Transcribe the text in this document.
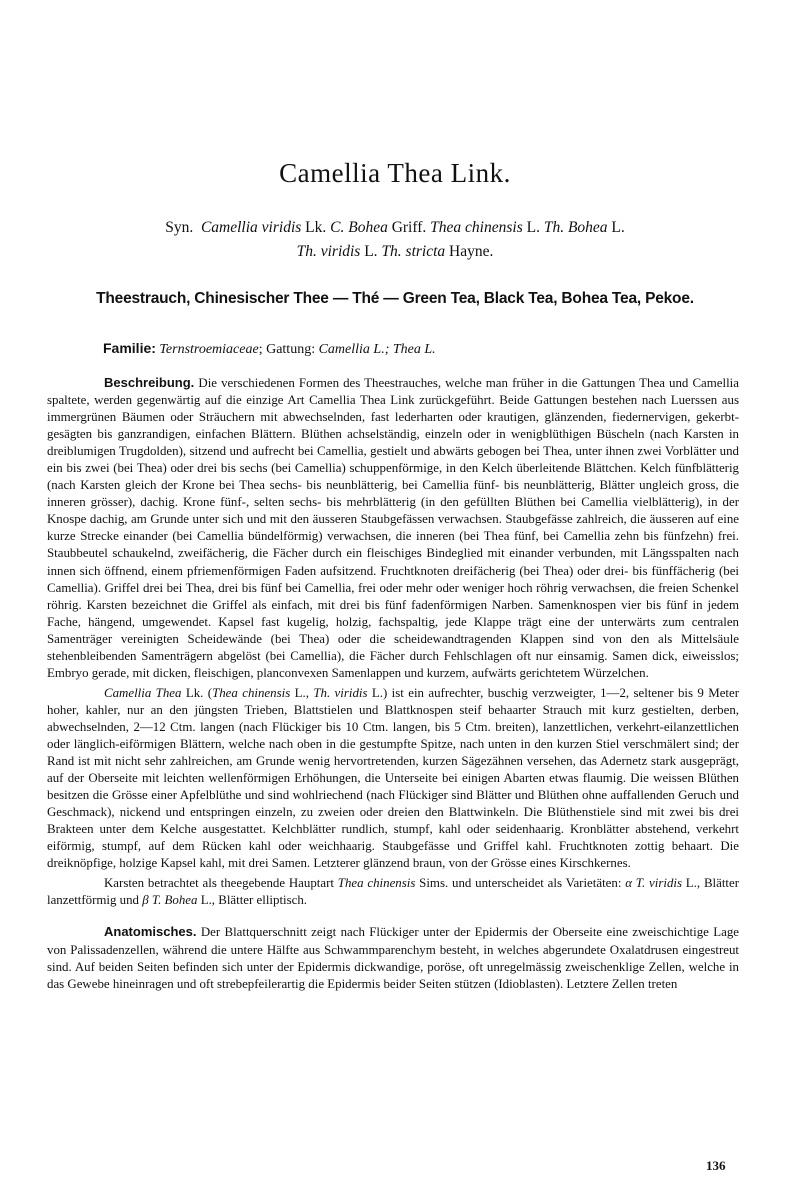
Camellia Thea Link.
Syn. Camellia viridis Lk. C. Bohea Griff. Thea chinensis L. Th. Bohea L.
Th. viridis L. Th. stricta Hayne.
Theestrauch, Chinesischer Thee — Thé — Green Tea, Black Tea, Bohea Tea, Pekoe.
Familie: Ternstroemiaceae; Gattung: Camellia L.; Thea L.

Beschreibung. Die verschiedenen Formen des Theestrauches, welche man früher in die Gattungen Thea und Camellia spaltete, werden gegenwärtig auf die einzige Art Camellia Thea Link zurückgeführt. Beide Gattungen bestehen nach Luerssen aus immergrünen Bäumen oder Sträuchern mit abwechselnden, fast lederharten oder krautigen, glänzenden, fiedernervigen, gekerbt-gesägten bis ganzrandigen, einfachen Blättern. Blüthen achselständig, einzeln oder in wenigblüthigen Büscheln (nach Karsten in dreiblumigen Trugdolden), sitzend und aufrecht bei Camellia, gestielt und abwärts gebogen bei Thea, unter ihnen zwei Vorblätter und ein bis zwei (bei Thea) oder drei bis sechs (bei Camellia) schuppenförmige, in den Kelch überleitende Blättchen. Kelch fünfblätterig (nach Karsten gleich der Krone bei Thea sechs- bis neunblätterig, bei Camellia fünf- bis neunblätterig, Blätter ungleich gross, die inneren grösser), dachig. Krone fünf-, selten sechs- bis mehrblätterig (in den gefüllten Blüthen bei Camellia vielblätterig), in der Knospe dachig, am Grunde unter sich und mit den äusseren Staubgefässen verwachsen. Staubgefässe zahlreich, die äusseren auf eine kurze Strecke einander (bei Camellia bündelförmig) verwachsen, die inneren (bei Thea fünf, bei Camellia zehn bis fünfzehn) frei. Staubbeutel schaukelnd, zweifächerig, die Fächer durch ein fleischiges Bindeglied mit einander verbunden, mit Längsspalten nach innen sich öffnend, einem pfriemenförmigen Faden aufsitzend. Fruchtknoten dreifächerig (bei Thea) oder drei- bis fünffächerig (bei Camellia). Griffel drei bei Thea, drei bis fünf bei Camellia, frei oder mehr oder weniger hoch röhrig verwachsen, die freien Schenkel röhrig. Karsten bezeichnet die Griffel als einfach, mit drei bis fünf fadenförmigen Narben. Samenknospen vier bis fünf in jedem Fache, hängend, umgewendet. Kapsel fast kugelig, holzig, fachspaltig, jede Klappe trägt eine der unterwärts zum centralen Samenträger vereinigten Scheidewände (bei Thea) oder die scheidewandtragenden Klappen sind von den als Mittelsäule stehenbleibenden Samenträgern abgelöst (bei Camellia), die Fächer durch Fehlschlagen oft nur einsamig. Samen dick, eiweisslos; Embryo gerade, mit dicken, fleischigen, planconvexen Samenlappen und kurzem, aufwärts gerichtetem Würzelchen.

Camellia Thea Lk. (Thea chinensis L., Th. viridis L.) ist ein aufrechter, buschig verzweigter, 1—2, seltener bis 9 Meter hoher, kahler, nur an den jüngsten Trieben, Blattstielen und Blattknospen steif behaarter Strauch mit kurz gestielten, derben, abwechselnden, 2—12 Ctm. langen (nach Flückiger bis 10 Ctm. langen, bis 5 Ctm. breiten), lanzettlichen, verkehrt-eilanzettlichen oder länglich-eiförmigen Blättern, welche nach oben in die gestumpfte Spitze, nach unten in den kurzen Stiel verschmälert sind; der Rand ist mit nicht sehr zahlreichen, am Grunde wenig hervortretenden, kurzen Sägezähnen versehen, das Adernetz stark ausgeprägt, auf der Oberseite mit leichten wellenförmigen Erhöhungen, die Unterseite bei einigen Abarten etwas flaumig. Die weissen Blüthen besitzen die Grösse einer Apfelblüthe und sind wohlriechend (nach Flückiger sind Blätter und Blüthen ohne auffallenden Geruch und Geschmack), nickend und entspringen einzeln, zu zweien oder dreien den Blattwinkeln. Die Blüthenstiele sind mit zwei bis drei Brakteen unter dem Kelche ausgestattet. Kelchblätter rundlich, stumpf, kahl oder seidenhaarig. Kronblätter abstehend, verkehrt eiförmig, stumpf, auf dem Rücken kahl oder weichhaarig. Staubgefässe und Griffel kahl. Fruchtknoten zottig behaart. Die dreiknöpfige, holzige Kapsel kahl, mit drei Samen. Letzterer glänzend braun, von der Grösse eines Kirschkernes.

Karsten betrachtet als theegebende Hauptart Thea chinensis Sims. und unterscheidet als Varietäten: α T. viridis L., Blätter lanzettförmig und β T. Bohea L., Blätter elliptisch.

Anatomisches. Der Blattquerschnitt zeigt nach Flückiger unter der Epidermis der Oberseite eine zweischichtige Lage von Palissadenzellen, während die untere Hälfte aus Schwammparenchym besteht, in welches abgerundete Oxalatdrusen eingestreut sind. Auf beiden Seiten befinden sich unter der Epidermis dickwandige, poröse, oft unregelmässig zweischenklige Zellen, welche in das Gewebe hineinragen und oft strebepfeilerartig die Epidermis beider Seiten stützen (Idioblasten). Letztere Zellen treten

136
